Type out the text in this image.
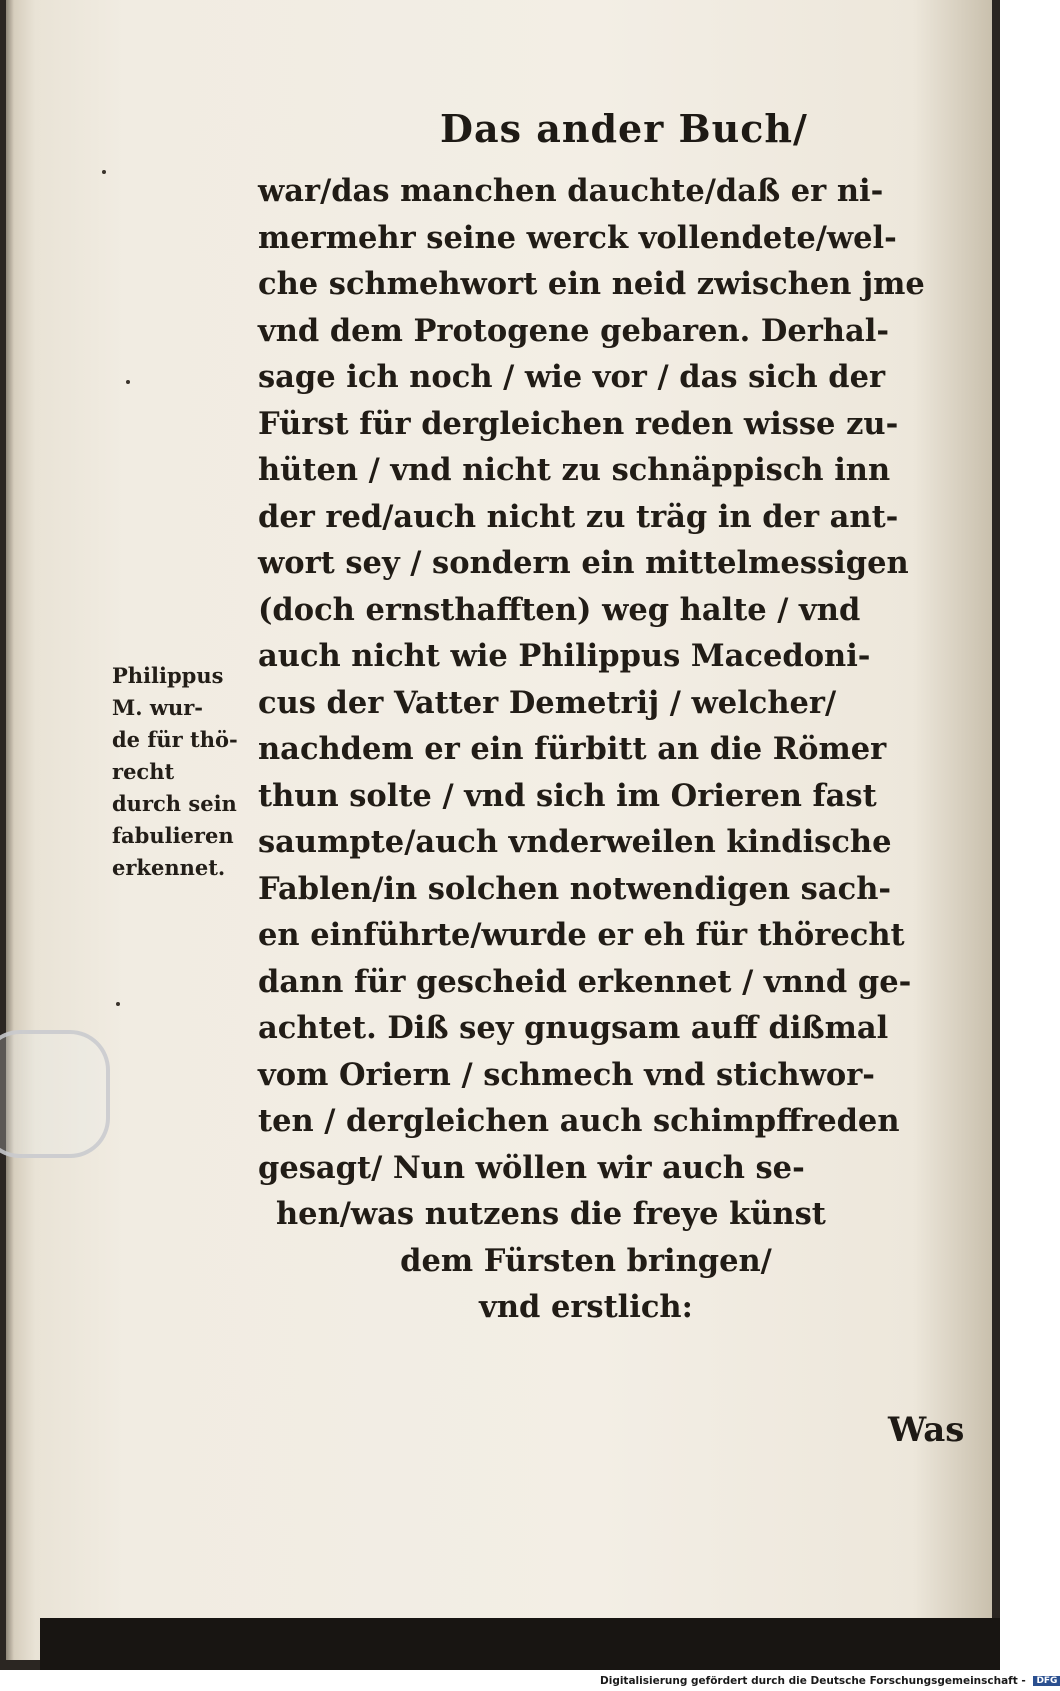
Das ander Buch/
war/das manchen dauchte/daß er ni-
mermehr seine werck vollendete/wel-
che schmehwort ein neid zwischen jme
vnd dem Protogene gebaren. Derhal-
sage ich noch / wie vor / das sich der
Fürst für dergleichen reden wisse zu-
hüten / vnd nicht zu schnäppisch inn
der red/auch nicht zu träg in der ant-
wort sey / sondern ein mittelmessigen
(doch ernsthafften) weg halte / vnd
auch nicht wie Philippus Macedoni-
cus der Vatter Demetrij / welcher/
nachdem er ein fürbitt an die Römer
thun solte / vnd sich im Orieren fast
saumpte/auch vnderweilen kindische
Fablen/in solchen notwendigen sach-
en einführte/wurde er eh für thörecht
dann für gescheid erkennet / vnnd ge-
achtet. Diß sey gnugsam auff dißmal
vom Oriern / schmech vnd stichwor-
ten / dergleichen auch schimpffreden
gesagt/ Nun wöllen wir auch se-
hen/was nutzens die freye künst
dem Fürsten bringen/
vnd erstlich:
Philippus
M. wur-
de für thö-
recht
durch sein
fabulieren
erkennet.
Was
Digitalisierung gefördert durch die Deutsche Forschungsgemeinschaft - DFG
